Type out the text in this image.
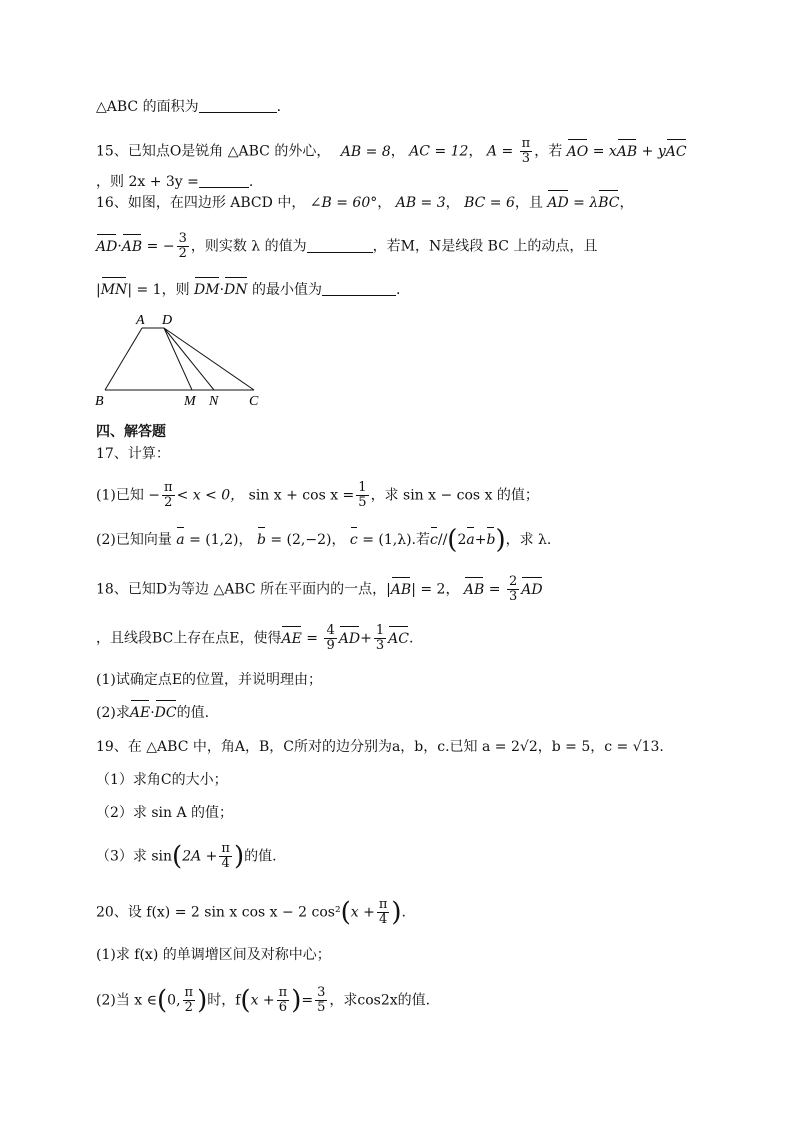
△ABC 的面积为	.
15、已知点O是锐角 △ABC 的外心， AB = 8， AC = 12， $A = \frac{\pi}{3}$ ，若 AO = xAB + yAC
，则 2x + 3y =	.
16、如图，在四边形 ABCD 中， ∠B = 60°， AB = 3， BC = 6，且 AD = λBC，
AD·AB = − $\frac{3}{2}$ ，则实数 λ 的值为	，若M，N是线段 BC 上的动点，且
|MN| = 1，则 DM·DN 的最小值为	.
A D
B	M N C
四、解答题
17、计算：
(1)已知 − $\frac{\pi}{2} < x < 0$， $\sin x + \cos x = \frac{1}{5}$ ，求 sin x − cos x 的值；
(2)已知向量 a = (1,2)， b = (2,−2)， c = (1,λ).若c//(2a+b)，求 λ.
18、已知D为等边 △ABC 所在平面内的一点，|AB| = 2， AB = $\frac{2}{3}$ AD
，且线段BC上存在点E，使得AE = $\frac{4}{9} AD+ \frac{1}{3}$ AC.
(1)试确定点E的位置，并说明理由；
(2)求AE·DC的值.
19、在 △ABC 中，角A，B，C所对的边分别为a，b，c.已知 a = 2√2，b = 5，c = √13.
（1）求角C的大小；
（2）求 sin A 的值；
（3）求 $\sin(2A + \frac{\pi}{4}$ )的值.
20、设 f(x) = 2 sin x cos x − 2 $\cos^2(x + \frac{\pi}{4}$ ).
(1)求 f(x) 的单调增区间及对称中心；
(2)当 x ∈(0, $\frac{\pi}{2}$ )时，$f(x + \frac{\pi}{6}$ )= $\frac{3}{5}$ ，求cos2x的值.
